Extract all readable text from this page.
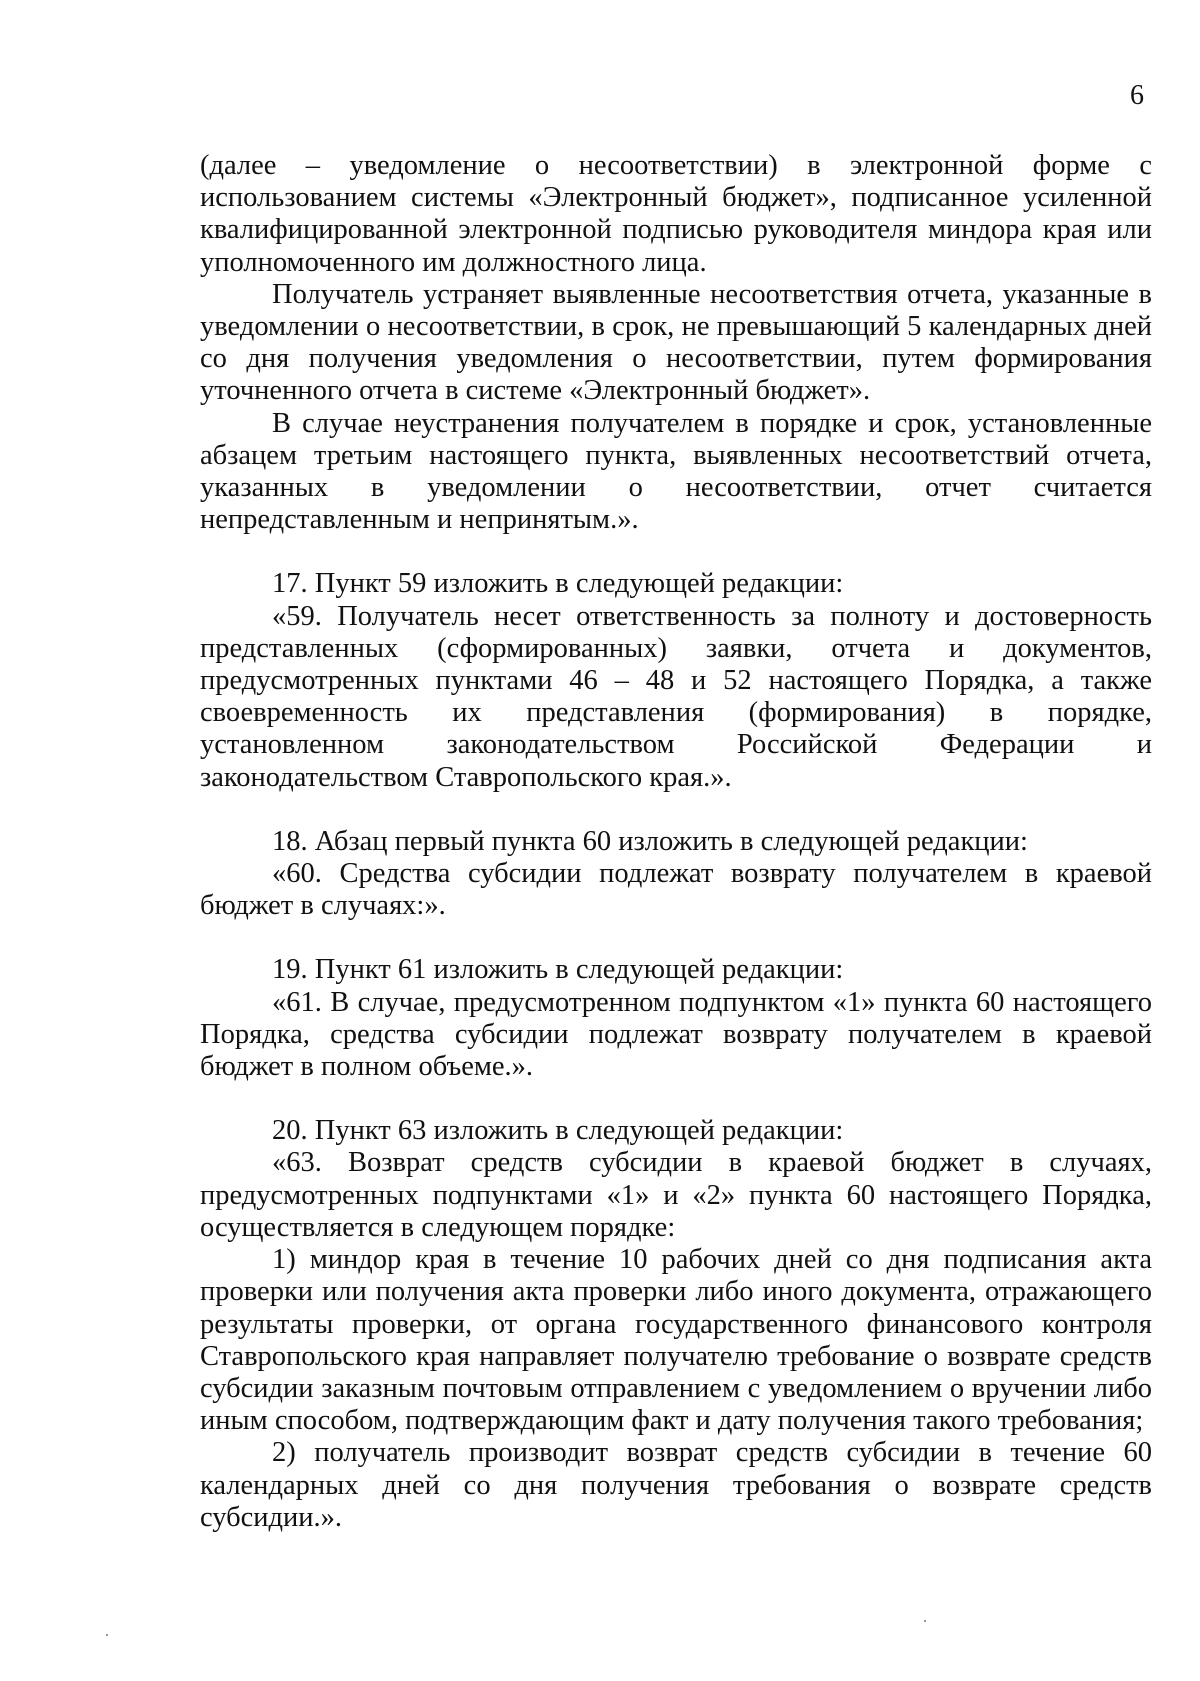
6

(далее – уведомление о несоответствии) в электронной форме с использованием системы «Электронный бюджет», подписанное усиленной квалифицированной электронной подписью руководителя миндора края или уполномоченного им должностного лица.

Получатель устраняет выявленные несоответствия отчета, указанные в уведомлении о несоответствии, в срок, не превышающий 5 календарных дней со дня получения уведомления о несоответствии, путем формирования уточненного отчета в системе «Электронный бюджет».

В случае неустранения получателем в порядке и срок, установленные абзацем третьим настоящего пункта, выявленных несоответствий отчета, указанных в уведомлении о несоответствии, отчет считается непредставленным и непринятым.».

17. Пункт 59 изложить в следующей редакции:

«59. Получатель несет ответственность за полноту и достоверность представленных (сформированных) заявки, отчета и документов, предусмотренных пунктами 46 – 48 и 52 настоящего Порядка, а также своевременность их представления (формирования) в порядке, установленном законодательством Российской Федерации и законодательством Ставропольского края.».

18. Абзац первый пункта 60 изложить в следующей редакции:

«60. Средства субсидии подлежат возврату получателем в краевой бюджет в случаях:».

19. Пункт 61 изложить в следующей редакции:

«61. В случае, предусмотренном подпунктом «1» пункта 60 настоящего Порядка, средства субсидии подлежат возврату получателем в краевой бюджет в полном объеме.».

20. Пункт 63 изложить в следующей редакции:

«63. Возврат средств субсидии в краевой бюджет в случаях, предусмотренных подпунктами «1» и «2» пункта 60 настоящего Порядка, осуществляется в следующем порядке:

1) миндор края в течение 10 рабочих дней со дня подписания акта проверки или получения акта проверки либо иного документа, отражающего результаты проверки, от органа государственного финансового контроля Ставропольского края направляет получателю требование о возврате средств субсидии заказным почтовым отправлением с уведомлением о вручении либо иным способом, подтверждающим факт и дату получения такого требования;

2) получатель производит возврат средств субсидии в течение 60 календарных дней со дня получения требования о возврате средств субсидии.».
